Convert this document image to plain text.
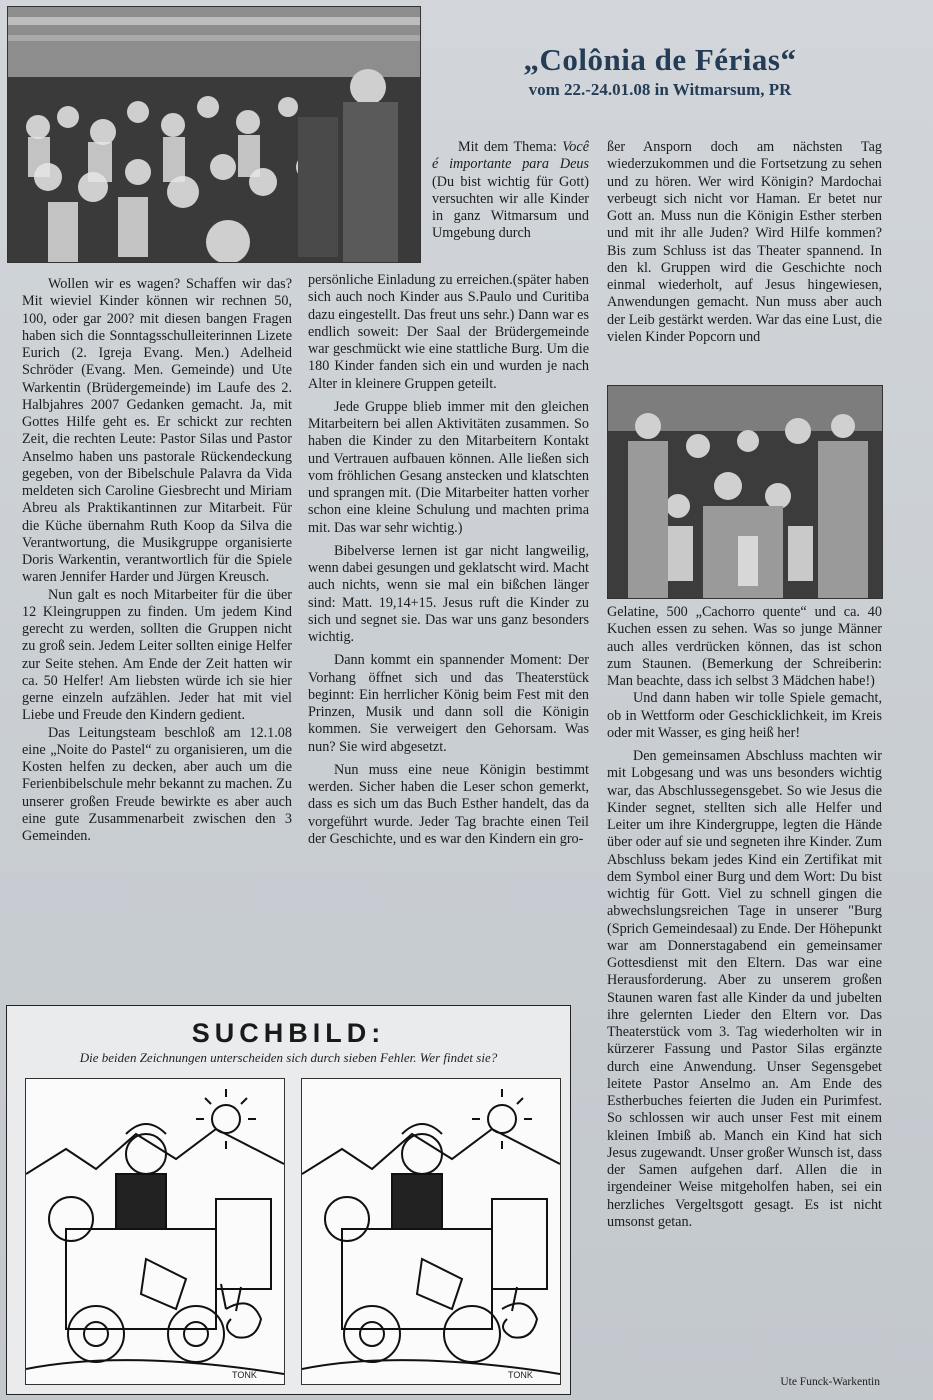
„Colônia de Férias“
vom 22.-24.01.08 in Witmarsum, PR

Wollen wir es wagen? Schaffen wir das? Mit wieviel Kinder können wir rechnen 50, 100, oder gar 200? mit diesen bangen Fragen haben sich die Sonntagsschulleiterinnen Lizete Eurich (2. Igreja Evang. Men.) Adelheid Schröder (Evang. Men. Gemeinde) und Ute Warkentin (Brüdergemeinde) im Laufe des 2. Halbjahres 2007 Gedanken gemacht. Ja, mit Gottes Hilfe geht es. Er schickt zur rechten Zeit, die rechten Leute: Pastor Silas und Pastor Anselmo haben uns pastorale Rückendeckung gegeben, von der Bibelschule Palavra da Vida meldeten sich Caroline Giesbrecht und Miriam Abreu als Praktikantinnen zur Mitarbeit. Für die Küche übernahm Ruth Koop da Silva die Verantwortung, die Musikgruppe organisierte Doris Warkentin, verantwortlich für die Spiele waren Jennifer Harder und Jürgen Kreusch.

Nun galt es noch Mitarbeiter für die über 12 Kleingruppen zu finden. Um jedem Kind gerecht zu werden, sollten die Gruppen nicht zu groß sein. Jedem Leiter sollten einige Helfer zur Seite stehen. Am Ende der Zeit hatten wir ca. 50 Helfer! Am liebsten würde ich sie hier gerne einzeln aufzählen. Jeder hat mit viel Liebe und Freude den Kindern gedient.

Das Leitungsteam beschloß am 12.1.08 eine „Noite do Pastel“ zu organisieren, um die Kosten helfen zu decken, aber auch um die Ferienbibelschule mehr bekannt zu machen. Zu unserer großen Freude bewirkte es aber auch eine gute Zusammenarbeit zwischen den 3 Gemeinden.

Mit dem Thema: Você é importante para Deus (Du bist wichtig für Gott) versuchten wir alle Kinder in ganz Witmarsum und Umgebung durch

persönliche Einladung zu erreichen.(später haben sich auch noch Kinder aus S.Paulo und Curitiba dazu eingestellt. Das freut uns sehr.) Dann war es endlich soweit: Der Saal der Brüdergemeinde war geschmückt wie eine stattliche Burg. Um die 180 Kinder fanden sich ein und wurden je nach Alter in kleinere Gruppen geteilt.

Jede Gruppe blieb immer mit den gleichen Mitarbeitern bei allen Aktivitäten zusammen. So haben die Kinder zu den Mitarbeitern Kontakt und Vertrauen aufbauen können. Alle ließen sich vom fröhlichen Gesang anstecken und klatschten und sprangen mit. (Die Mitarbeiter hatten vorher schon eine kleine Schulung und machten prima mit. Das war sehr wichtig.)

Bibelverse lernen ist gar nicht langweilig, wenn dabei gesungen und geklatscht wird. Macht auch nichts, wenn sie mal ein bißchen länger sind: Matt. 19,14+15. Jesus ruft die Kinder zu sich und segnet sie. Das war uns ganz besonders wichtig.

Dann kommt ein spannender Moment: Der Vorhang öffnet sich und das Theaterstück beginnt: Ein herrlicher König beim Fest mit den Prinzen, Musik und dann soll die Königin kommen. Sie verweigert den Gehorsam. Was nun? Sie wird abgesetzt.

Nun muss eine neue Königin bestimmt werden. Sicher haben die Leser schon gemerkt, dass es sich um das Buch Esther handelt, das da vorgeführt wurde. Jeder Tag brachte einen Teil der Geschichte, und es war den Kindern ein gro-

ßer Ansporn doch am nächsten Tag wiederzukommen und die Fortsetzung zu sehen und zu hören. Wer wird Königin? Mardochai verbeugt sich nicht vor Haman. Er betet nur Gott an. Muss nun die Königin Esther sterben und mit ihr alle Juden? Wird Hilfe kommen? Bis zum Schluss ist das Theater spannend. In den kl. Gruppen wird die Geschichte noch einmal wiederholt, auf Jesus hingewiesen, Anwendungen gemacht. Nun muss aber auch der Leib gestärkt werden. War das eine Lust, die vielen Kinder Popcorn und

Gelatine, 500 „Cachorro quente“ und ca. 40 Kuchen essen zu sehen. Was so junge Männer auch alles verdrücken können, das ist schon zum Staunen. (Bemerkung der Schreiberin: Man beachte, dass ich selbst 3 Mädchen habe!)

Und dann haben wir tolle Spiele gemacht, ob in Wettform oder Geschicklichkeit, im Kreis oder mit Wasser, es ging heiß her!

Den gemeinsamen Abschluss machten wir mit Lobgesang und was uns besonders wichtig war, das Abschlussegensgebet. So wie Jesus die Kinder segnet, stellten sich alle Helfer und Leiter um ihre Kindergruppe, legten die Hände über oder auf sie und segneten ihre Kinder. Zum Abschluss bekam jedes Kind ein Zertifikat mit dem Symbol einer Burg und dem Wort: Du bist wichtig für Gott. Viel zu schnell gingen die abwechslungsreichen Tage in unserer "Burg (Sprich Gemeindesaal) zu Ende. Der Höhepunkt war am Donnerstagabend ein gemeinsamer Gottesdienst mit den Eltern. Das war eine Herausforderung. Aber zu unserem großen Staunen waren fast alle Kinder da und jubelten ihre gelernten Lieder den Eltern vor. Das Theaterstück vom 3. Tag wiederholten wir in kürzerer Fassung und Pastor Silas ergänzte durch eine Anwendung. Unser Segensgebet leitete Pastor Anselmo an. Am Ende des Estherbuches feierten die Juden ein Purimfest. So schlossen wir auch unser Fest mit einem kleinen Imbiß ab. Manch ein Kind hat sich Jesus zugewandt. Unser großer Wunsch ist, dass der Samen aufgehen darf. Allen die in irgendeiner Weise mitgeholfen haben, sei ein herzliches Vergeltsgott gesagt. Es ist nicht umsonst getan.

Ute Funck-Warkentin
SUCHBILD:
Die beiden Zeichnungen unterscheiden sich durch sieben Fehler. Wer findet sie?
TONK	TONK
